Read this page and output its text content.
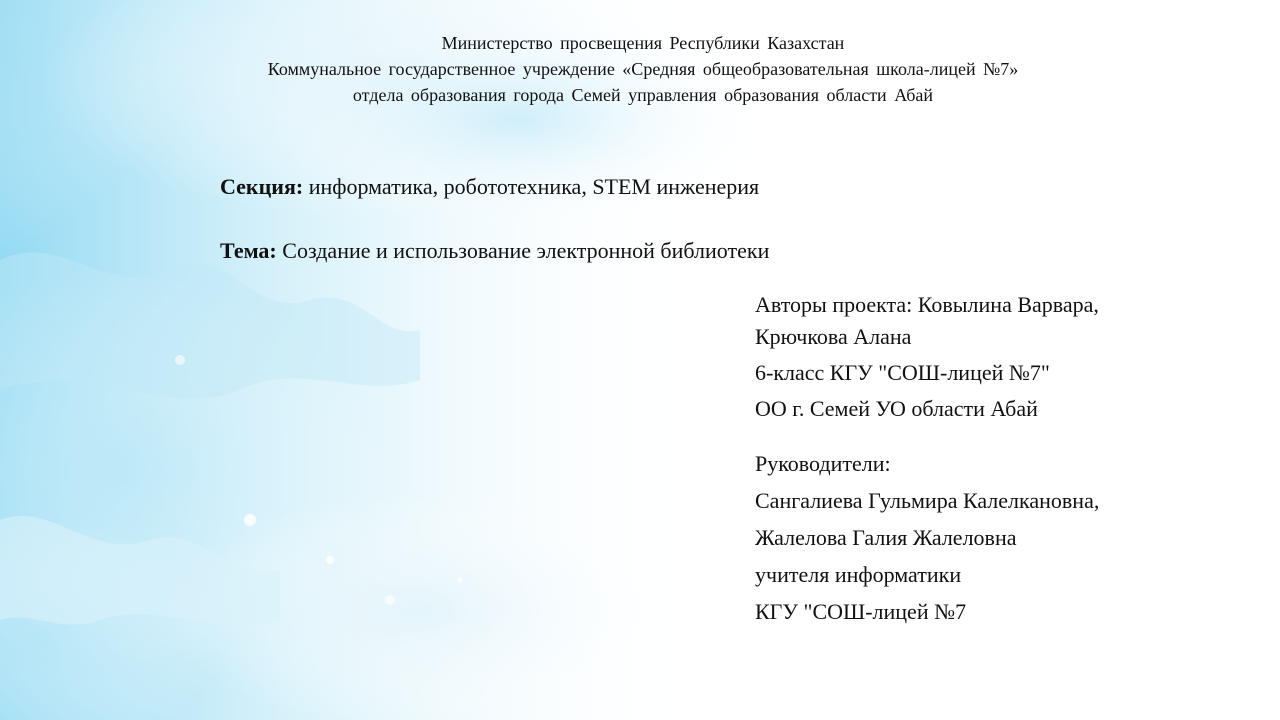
Министерство просвещения Республики Казахстан
Коммунальное государственное учреждение «Средняя общеобразовательная школа-лицей №7»
отдела образования города Семей управления образования области Абай
Секция: информатика, робототехника, STEM инженерия
Тема: Создание и использование электронной библиотеки
Авторы проекта: Ковылина Варвара,
Крючкова Алана
6-класс КГУ "СОШ-лицей №7"
ОО г. Семей УО области Абай
Руководители:
Сангалиева Гульмира Калелкановна,
Жалелова Галия Жалеловна
учителя информатики
КГУ "СОШ-лицей №7
